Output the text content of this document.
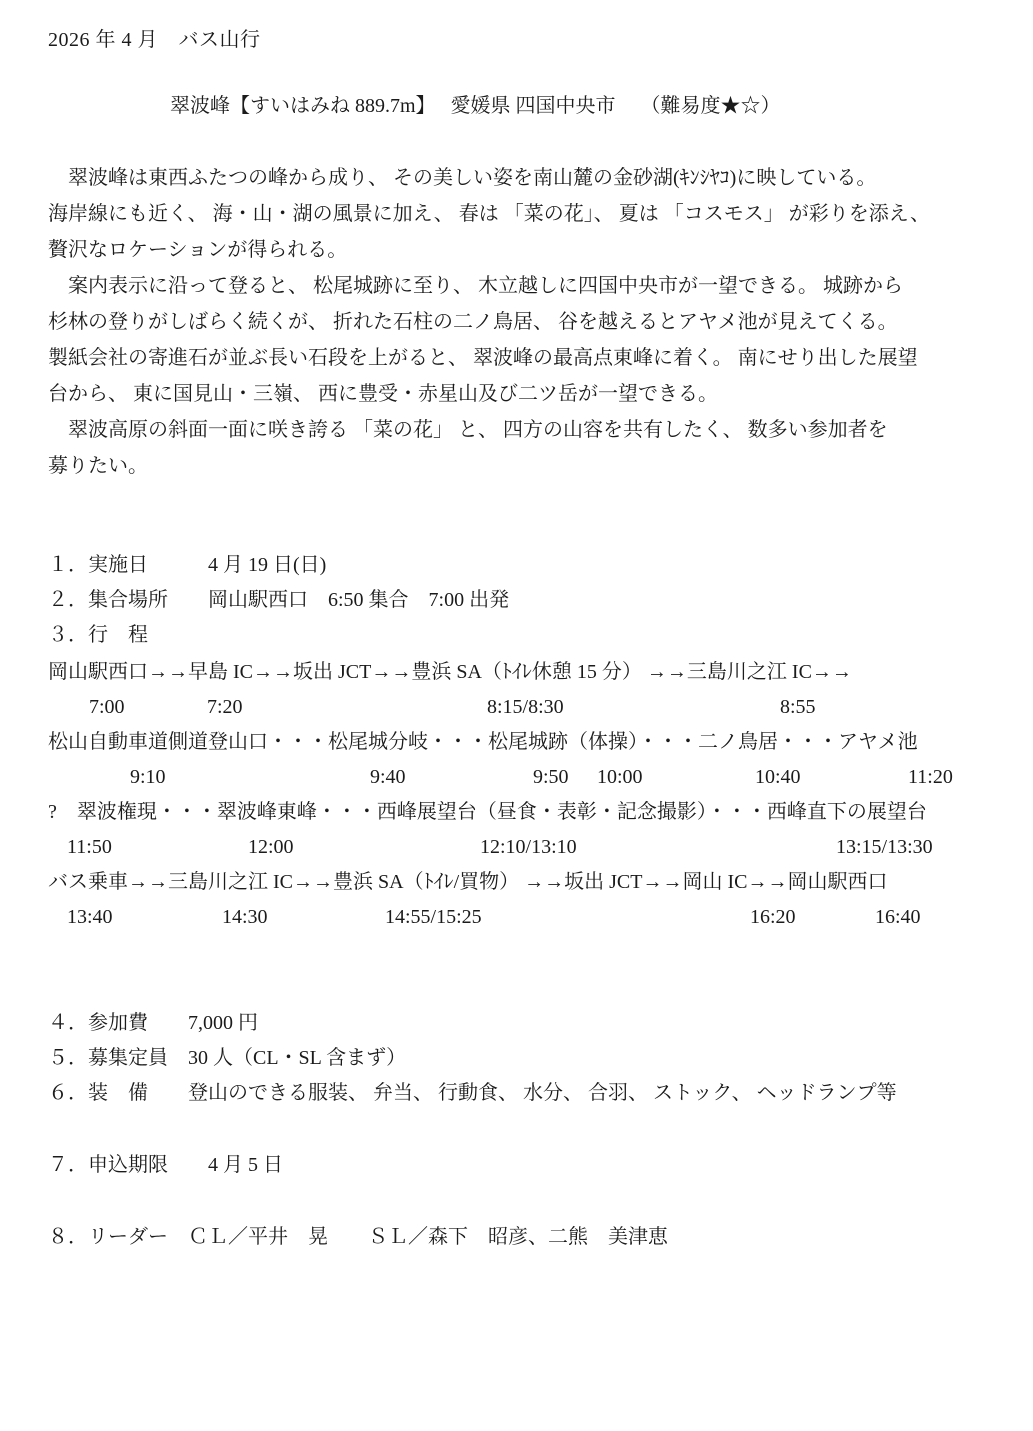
2026 年 4 月　バス山行
翠波峰【すいはみね 889.7m】　 愛媛県 四国中央市　 （難易度★☆）
　翠波峰は東西ふたつの峰から成り、 その美しい姿を南山麓の金砂湖(ｷﾝｼﾔｺ)に映している。
海岸線にも近く、 海・山・湖の風景に加え、 春は 「菜の花」、 夏は 「コスモス」 が彩りを添え、
贅沢なロケーションが得られる。
　案内表示に沿って登ると、 松尾城跡に至り、 木立越しに四国中央市が一望できる。 城跡から
杉林の登りがしばらく続くが、 折れた石柱の二ノ鳥居、 谷を越えるとアヤメ池が見えてくる。
製紙会社の寄進石が並ぶ長い石段を上がると、 翠波峰の最高点東峰に着く。 南にせり出した展望
台から、 東に国見山・三嶺、 西に豊受・赤星山及び二ツ岳が一望できる。
　翠波高原の斜面一面に咲き誇る 「菜の花」 と、 四方の山容を共有したく、 数多い参加者を
募りたい。
１．実施日　　　4 月 19 日(日)
２．集合場所　　岡山駅西口　6:50 集合　7:00 出発
３．行　程
岡山駅西口→→早島 IC→→坂出 JCT→→豊浜 SA（ﾄｲﾚ休憩 15 分） →→三島川之江 IC→→
7:00	7:20	8:15/8:30	8:55
松山自動車道側道登山口・・・松尾城分岐・・・松尾城跡（体操）・・・二ノ鳥居・・・アヤメ池
9:10	9:40	9:50 10:00	10:40	11:20
?　翠波権現・・・翠波峰東峰・・・西峰展望台（昼食・表彰・記念撮影）・・・西峰直下の展望台
11:50	12:00	12:10/13:10	13:15/13:30
バス乗車→→三島川之江 IC→→豊浜 SA（ﾄｲﾚ/買物） →→坂出 JCT→→岡山 IC→→岡山駅西口
13:40	14:30	14:55/15:25	16:20	16:40
４．参加費　　7,000 円
５．募集定員　30 人（CL・SL 含まず）
６．装　備　　登山のできる服装、 弁当、 行動食、 水分、 合羽、 ストック、 ヘッドランプ等
７．申込期限　　4 月 5 日
８．リーダー　ＣＬ／平井　晃　　ＳＬ／森下　昭彦、二熊　美津恵
